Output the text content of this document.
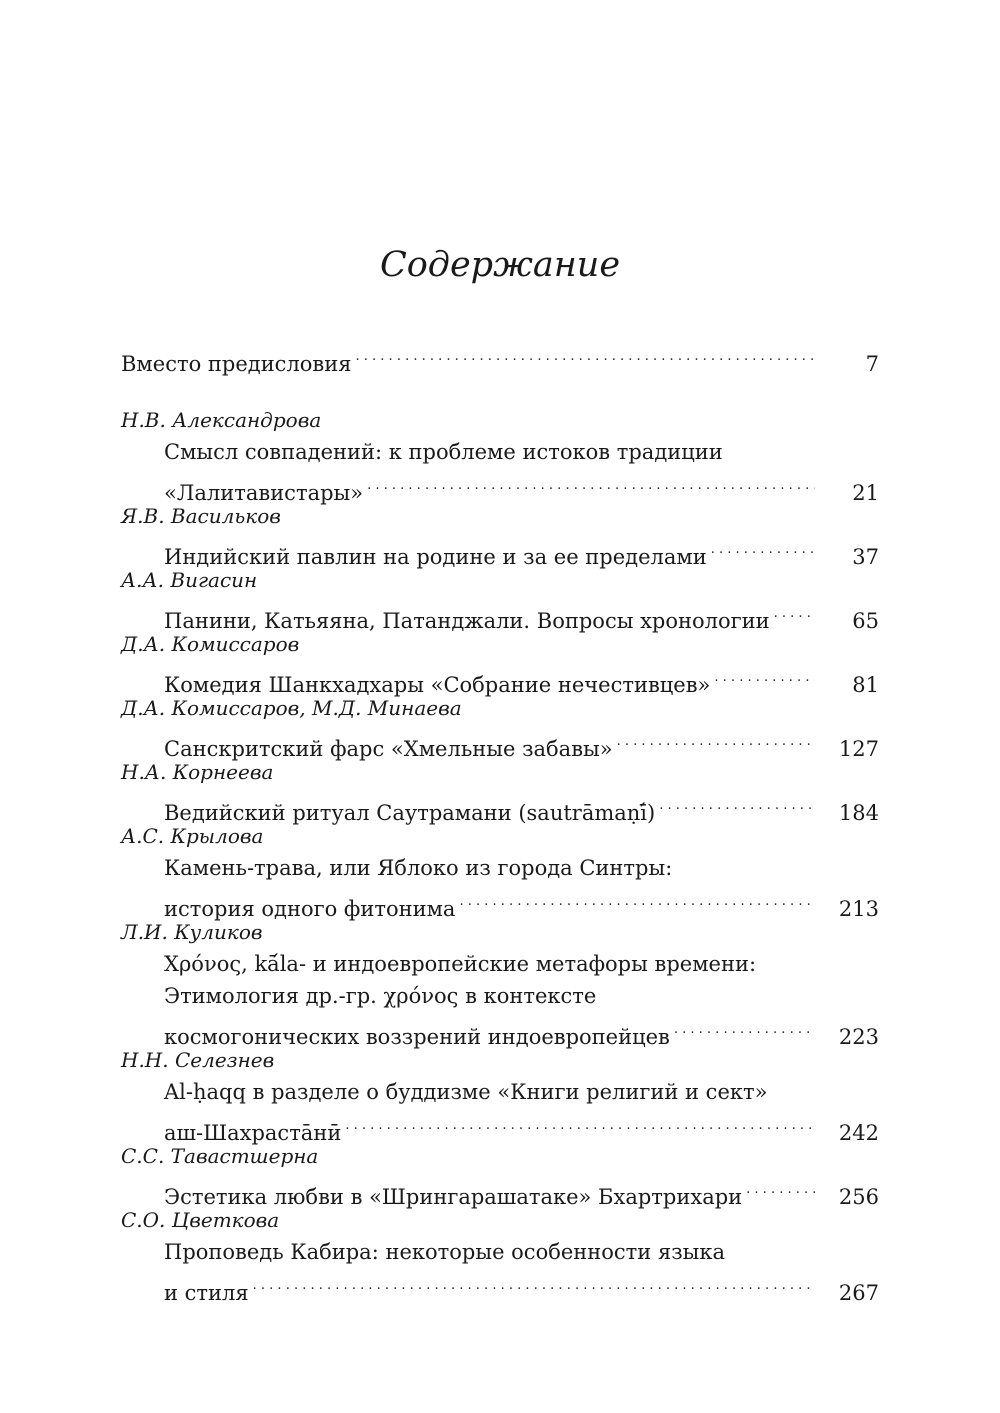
Содержание
Вместо предисловия . . .	7
Н.В. Александрова
Смысл совпадений: к проблеме истоков традиции
«Лалитавистары» . . .	21
Я.В. Васильков
Индийский павлин на родине и за ее пределами . . .	37
А.А. Вигасин
Панини, Катьяяна, Патанджали. Вопросы хронологии . . .	65
Д.А. Комиссаров
Комедия Шанкхадхары «Собрание нечестивцев» . . .	81
Д.А. Комиссаров, М.Д. Минаева
Санскритский фарс «Хмельные забавы» . . .	127
Н.А. Корнеева
Ведийский ритуал Саутрамани (sautrāmaṇī́) . . .	184
А.С. Крылова
Камень-трава, или Яблоко из города Синтры:
история одного фитонима . . .	213
Л.И. Куликов
Χρόνος, kā́la- и индоевропейские метафоры времени:
Этимология др.-гр. χρόνος в контексте
космогонических воззрений индоевропейцев . . .	223
Н.Н. Селезнев
Al-ḥaqq в разделе о буддизме «Книги религий и сект»
аш-Шахрастāнӣ . . .	242
С.С. Тавастшерна
Эстетика любви в «Шрингарашатаке» Бхартрихари . . .	256
С.О. Цветкова
Проповедь Кабира: некоторые особенности языка
и стиля . . .	267
